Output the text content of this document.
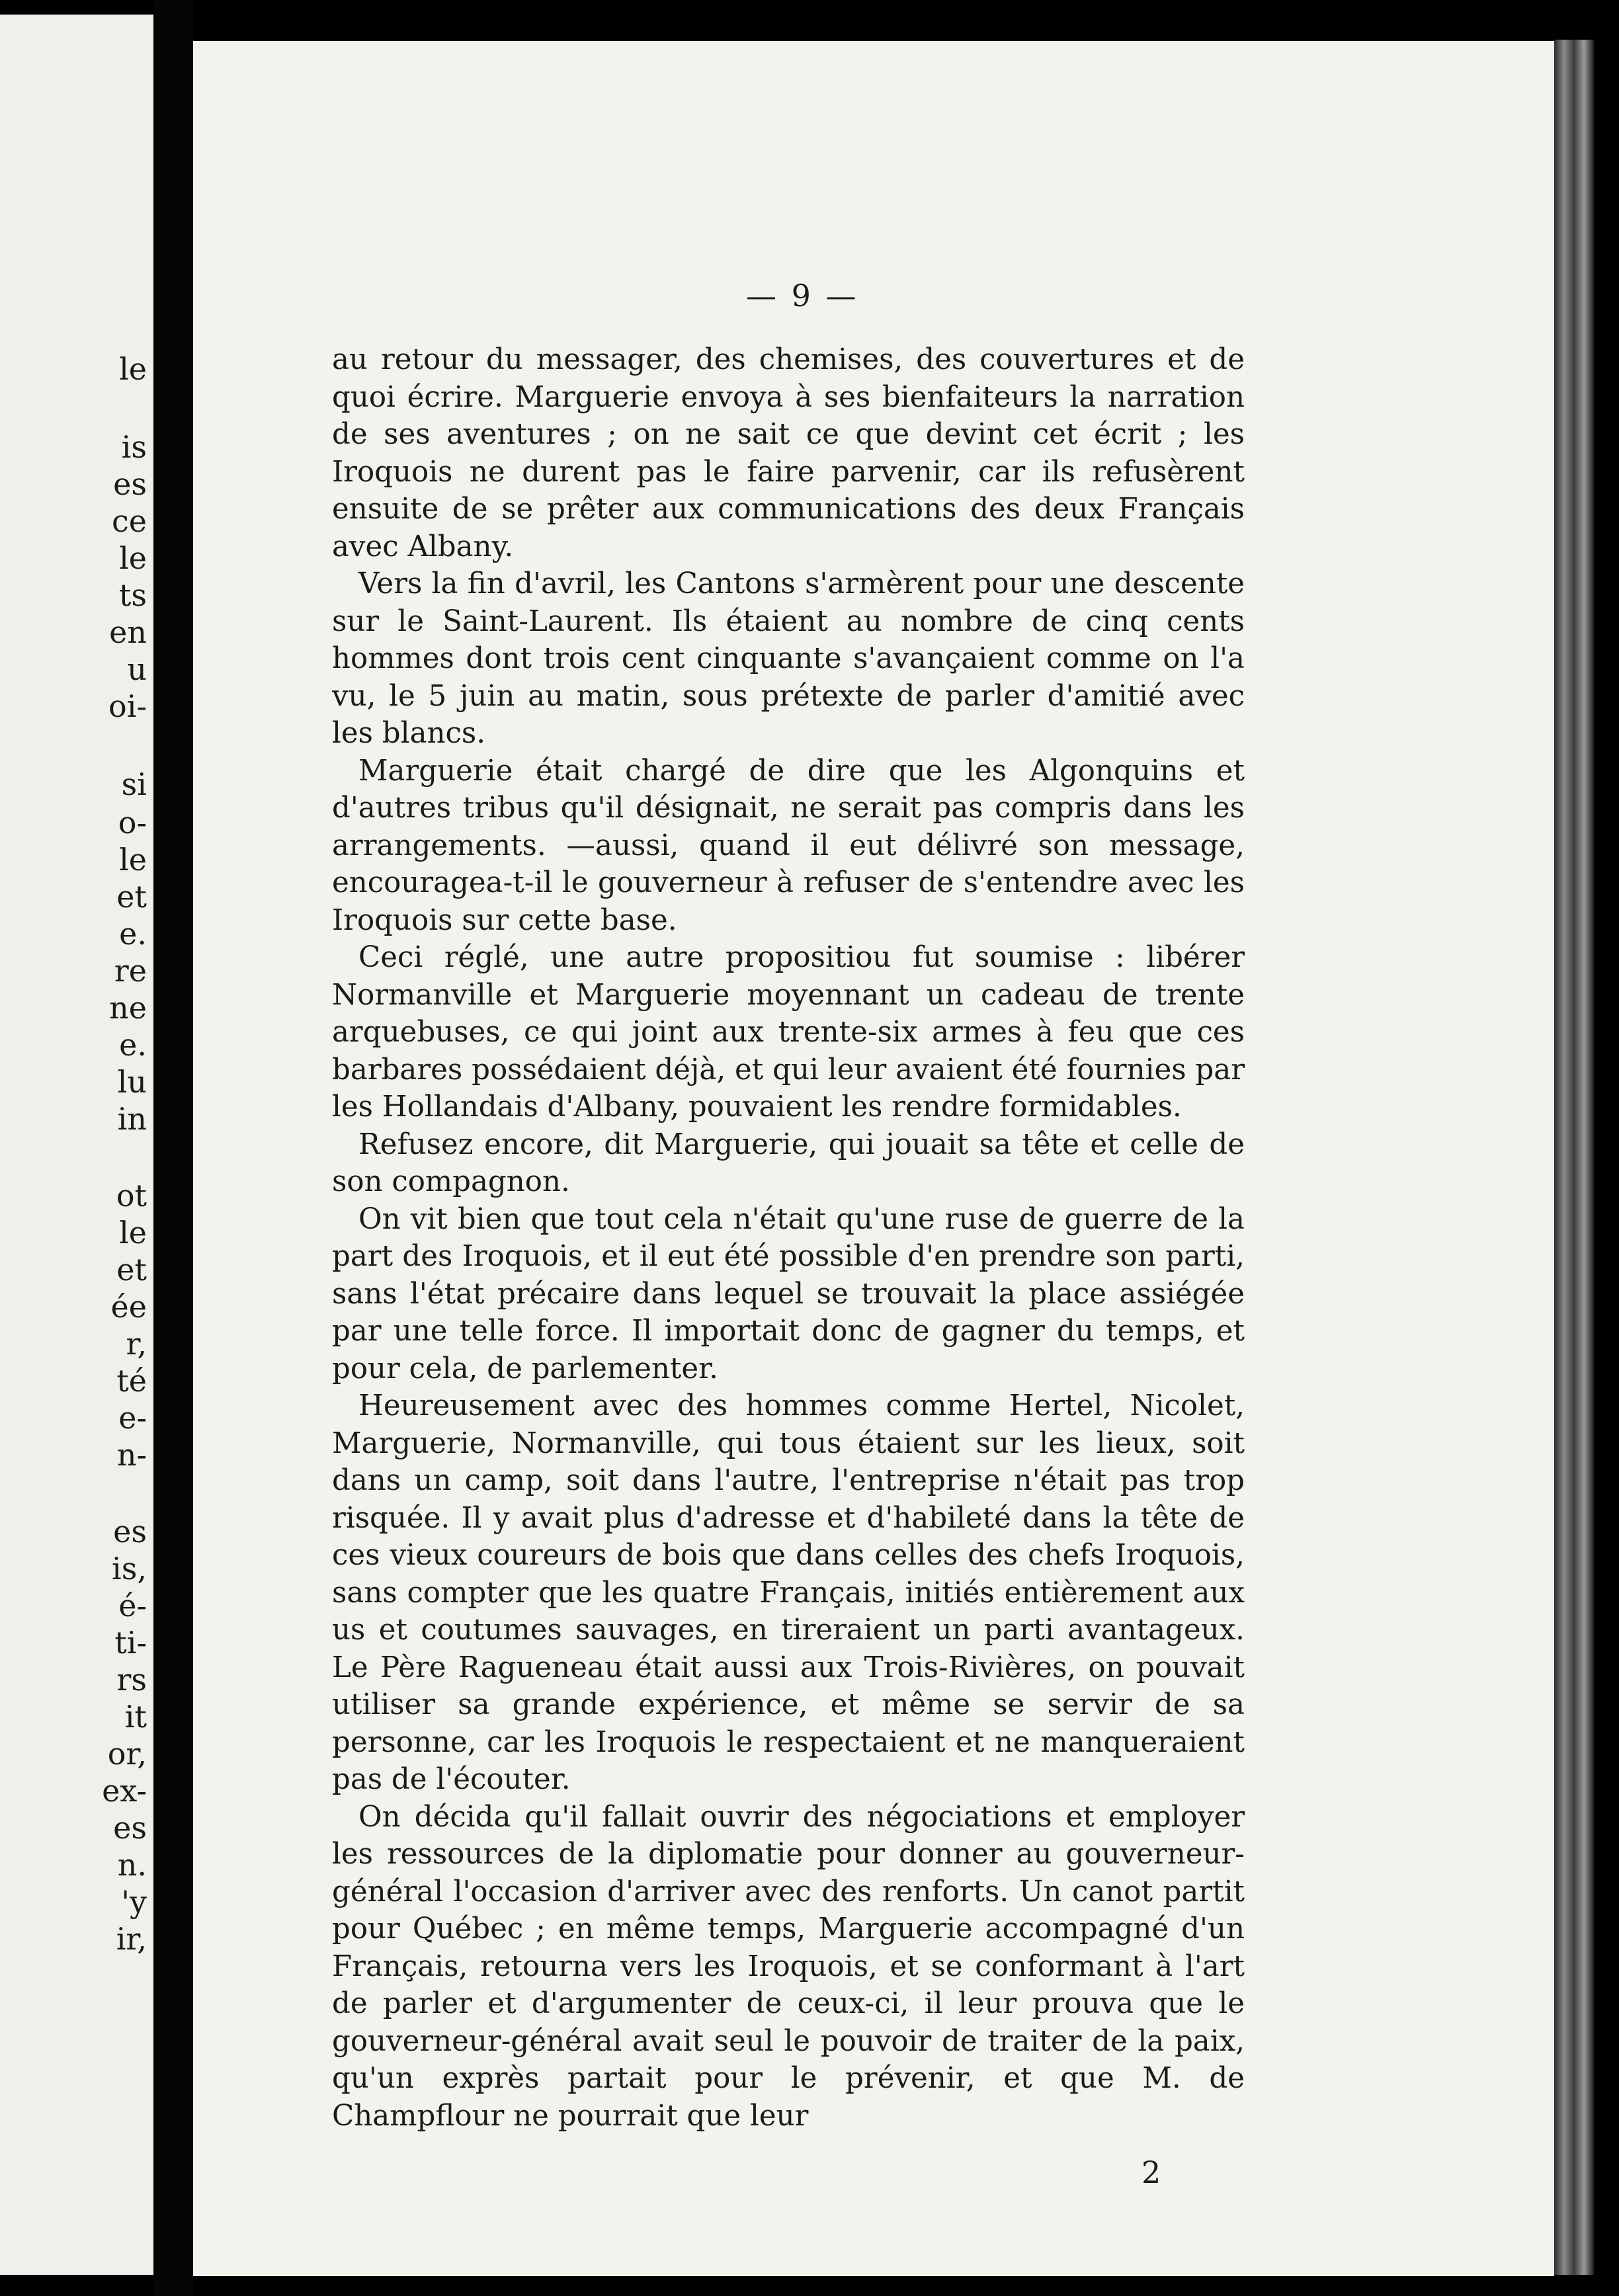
le
is
es
ce
le
ts
en
u
oi-
si
o-
le
et
e.
re
ne
e.
lu
in
ot
le
et
ée
r,
té
e-
n-
es
is,
é-
ti-
rs
it
or,
ex-
es
n.
'y
ir,
— 9 —

au retour du messager, des chemises, des couvertures et de quoi écrire. Marguerie envoya à ses bienfaiteurs la narration de ses aventures ; on ne sait ce que devint cet écrit ; les Iroquois ne durent pas le faire parvenir, car ils refusèrent ensuite de se prêter aux communications des deux Français avec Albany.

Vers la fin d'avril, les Cantons s'armèrent pour une descente sur le Saint-Laurent. Ils étaient au nombre de cinq cents hommes dont trois cent cinquante s'avançaient comme on l'a vu, le 5 juin au matin, sous prétexte de parler d'amitié avec les blancs.

Marguerie était chargé de dire que les Algonquins et d'autres tribus qu'il désignait, ne serait pas compris dans les arrangements. —aussi, quand il eut délivré son message, encouragea-t-il le gouverneur à refuser de s'entendre avec les Iroquois sur cette base.

Ceci réglé, une autre propositiou fut soumise : libérer Normanville et Marguerie moyennant un cadeau de trente arquebuses, ce qui joint aux trente-six armes à feu que ces barbares possédaient déjà, et qui leur avaient été fournies par les Hollandais d'Albany, pouvaient les rendre formidables.

Refusez encore, dit Marguerie, qui jouait sa tête et celle de son compagnon.

On vit bien que tout cela n'était qu'une ruse de guerre de la part des Iroquois, et il eut été possible d'en prendre son parti, sans l'état précaire dans lequel se trouvait la place assiégée par une telle force. Il importait donc de gagner du temps, et pour cela, de parlementer.

Heureusement avec des hommes comme Hertel, Nicolet, Marguerie, Normanville, qui tous étaient sur les lieux, soit dans un camp, soit dans l'autre, l'entreprise n'était pas trop risquée. Il y avait plus d'adresse et d'habileté dans la tête de ces vieux coureurs de bois que dans celles des chefs Iroquois, sans compter que les quatre Français, initiés entièrement aux us et coutumes sauvages, en tireraient un parti avantageux. Le Père Ragueneau était aussi aux Trois-Rivières, on pouvait utiliser sa grande expérience, et même se servir de sa personne, car les Iroquois le respectaient et ne manqueraient pas de l'écouter.

On décida qu'il fallait ouvrir des négociations et employer les ressources de la diplomatie pour donner au gouverneur-général l'occasion d'arriver avec des renforts. Un canot partit pour Québec ; en même temps, Marguerie accompagné d'un Français, retourna vers les Iroquois, et se conformant à l'art de parler et d'argumenter de ceux-ci, il leur prouva que le gouverneur-général avait seul le pouvoir de traiter de la paix, qu'un exprès partait pour le prévenir, et que M. de Champflour ne pourrait que leur

2
